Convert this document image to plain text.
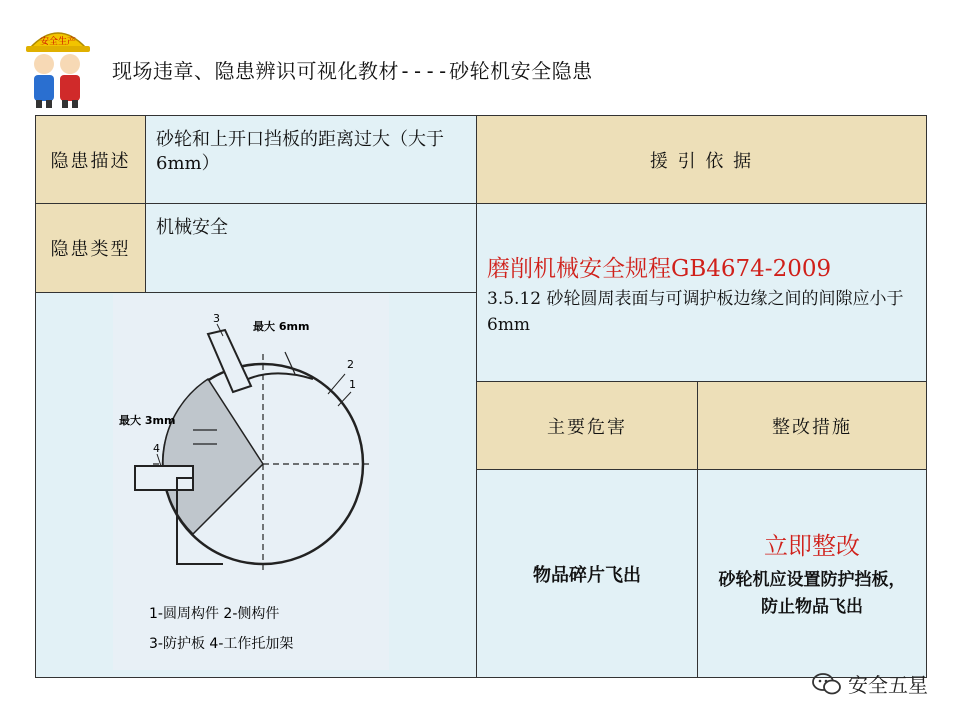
安全生产
现场违章、隐患辨识可视化教材----砂轮机安全隐患
隐患描述
砂轮和上开口挡板的距离过大（大于6mm）	援 引 依 据
隐患类型
机械安全
磨削机械安全规程GB4674-2009
3.5.12 砂轮圆周表面与可调护板边缘之间的间隙应小于6mm
最大 6mm
最大 3mm
1
2
3
4
1-圆周构件 2-侧构件
3-防护板 4-工作托加架
主要危害	整改措施
物品碎片飞出
立即整改
砂轮机应设置防护挡板，防止物品飞出
安全五星
